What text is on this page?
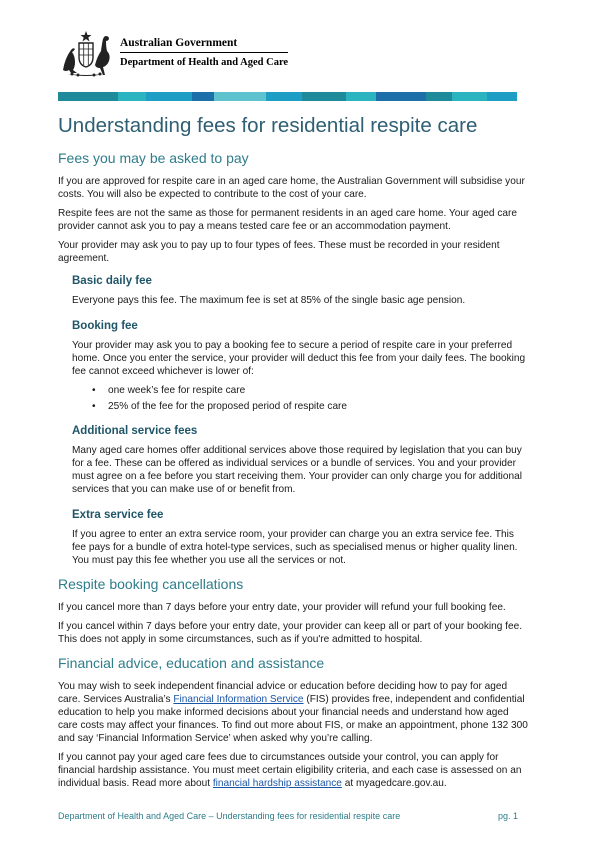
Australian Government
Department of Health and Aged Care
Understanding fees for residential respite care
Fees you may be asked to pay

If you are approved for respite care in an aged care home, the Australian Government will subsidise your costs. You will also be expected to contribute to the cost of your care.

Respite fees are not the same as those for permanent residents in an aged care home. Your aged care provider cannot ask you to pay a means tested care fee or an accommodation payment.

Your provider may ask you to pay up to four types of fees. These must be recorded in your resident agreement.

Basic daily fee

Everyone pays this fee. The maximum fee is set at 85% of the single basic age pension.

Booking fee

Your provider may ask you to pay a booking fee to secure a period of respite care in your preferred home. Once you enter the service, your provider will deduct this fee from your daily fees. The booking fee cannot exceed whichever is lower of:

• one week’s fee for respite care
• 25% of the fee for the proposed period of respite care
Additional service fees

Many aged care homes offer additional services above those required by legislation that you can buy for a fee. These can be offered as individual services or a bundle of services. You and your provider must agree on a fee before you start receiving them. Your provider can only charge you for additional services that you can make use of or benefit from.

Extra service fee

If you agree to enter an extra service room, your provider can charge you an extra service fee. This fee pays for a bundle of extra hotel-type services, such as specialised menus or higher quality linen. You must pay this fee whether you use all the services or not.

Respite booking cancellations

If you cancel more than 7 days before your entry date, your provider will refund your full booking fee.

If you cancel within 7 days before your entry date, your provider can keep all or part of your booking fee. This does not apply in some circumstances, such as if you're admitted to hospital.

Financial advice, education and assistance

You may wish to seek independent financial advice or education before deciding how to pay for aged care. Services Australia’s Financial Information Service (FIS) provides free, independent and confidential education to help you make informed decisions about your financial needs and understand how aged care costs may affect your finances. To find out more about FIS, or make an appointment, phone 132 300 and say ‘Financial Information Service’ when asked why you’re calling.

If you cannot pay your aged care fees due to circumstances outside your control, you can apply for financial hardship assistance. You must meet certain eligibility criteria, and each case is assessed on an individual basis. Read more about financial hardship assistance at myagedcare.gov.au.

Department of Health and Aged Care – Understanding fees for residential respite care	pg. 1
